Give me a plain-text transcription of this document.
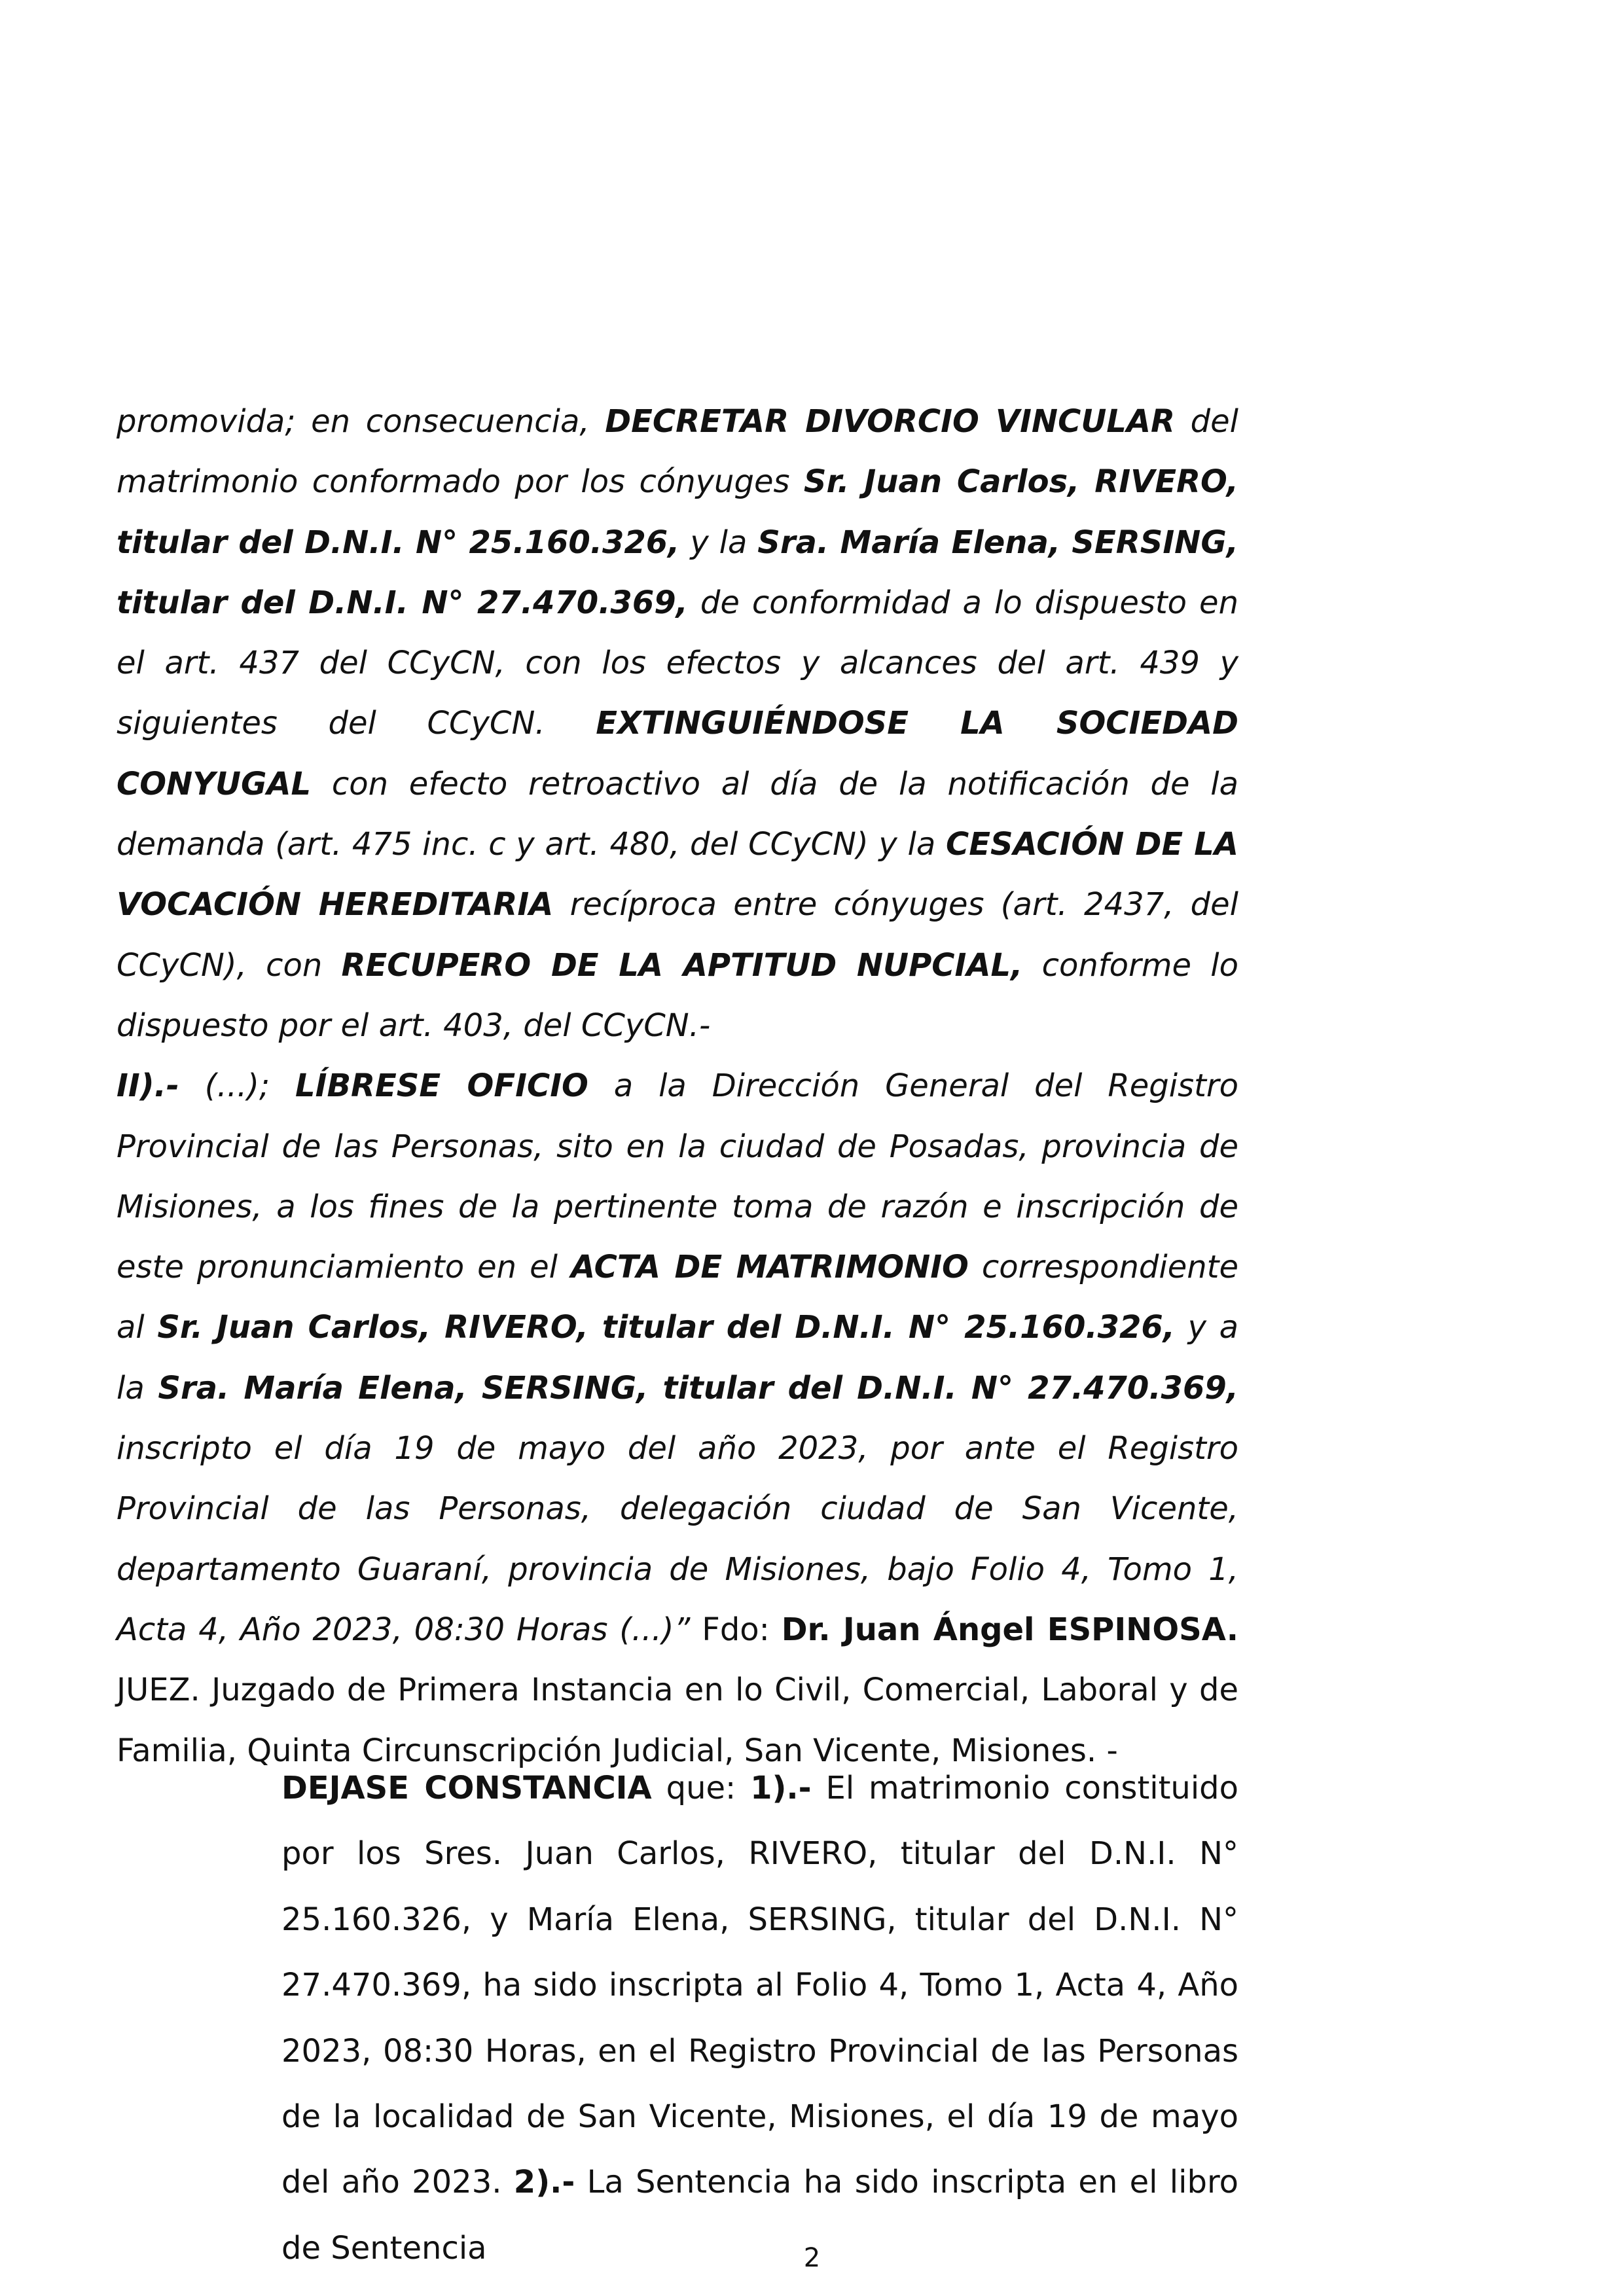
promovida; en consecuencia, DECRETAR DIVORCIO VINCULAR del matrimonio conformado por los cónyuges Sr. Juan Carlos, RIVERO, titular del D.N.I. N° 25.160.326, y la Sra. María Elena, SERSING, titular del D.N.I. N° 27.470.369, de conformidad a lo dispuesto en el art. 437 del CCyCN, con los efectos y alcances del art. 439 y siguientes del CCyCN. EXTINGUIÉNDOSE LA SOCIEDAD CONYUGAL con efecto retroactivo al día de la notificación de la demanda (art. 475 inc. c y art. 480, del CCyCN) y la CESACIÓN DE LA VOCACIÓN HEREDITARIA recíproca entre cónyuges (art. 2437, del CCyCN), con RECUPERO DE LA APTITUD NUPCIAL, conforme lo dispuesto por el art. 403, del CCyCN.-
II).- (...); LÍBRESE OFICIO a la Dirección General del Registro Provincial de las Personas, sito en la ciudad de Posadas, provincia de Misiones, a los fines de la pertinente toma de razón e inscripción de este pronunciamiento en el ACTA DE MATRIMONIO correspondiente al Sr. Juan Carlos, RIVERO, titular del D.N.I. N° 25.160.326, y a la Sra. María Elena, SERSING, titular del D.N.I. N° 27.470.369, inscripto el día 19 de mayo del año 2023, por ante el Registro Provincial de las Personas, delegación ciudad de San Vicente, departamento Guaraní, provincia de Misiones, bajo Folio 4, Tomo 1, Acta 4, Año 2023, 08:30 Horas (...)” Fdo: Dr. Juan Ángel ESPINOSA. JUEZ. Juzgado de Primera Instancia en lo Civil, Comercial, Laboral y de Familia, Quinta Circunscripción Judicial, San Vicente, Misiones. -

DEJASE CONSTANCIA que: 1).- El matrimonio constituido por los Sres. Juan Carlos, RIVERO, titular del D.N.I. N° 25.160.326, y María Elena, SERSING, titular del D.N.I. N° 27.470.369, ha sido inscripta al Folio 4, Tomo 1, Acta 4, Año 2023, 08:30 Horas, en el Registro Provincial de las Personas de la localidad de San Vicente, Misiones, el día 19 de mayo del año 2023. 2).- La Sentencia ha sido inscripta en el libro de Sentencia	2
